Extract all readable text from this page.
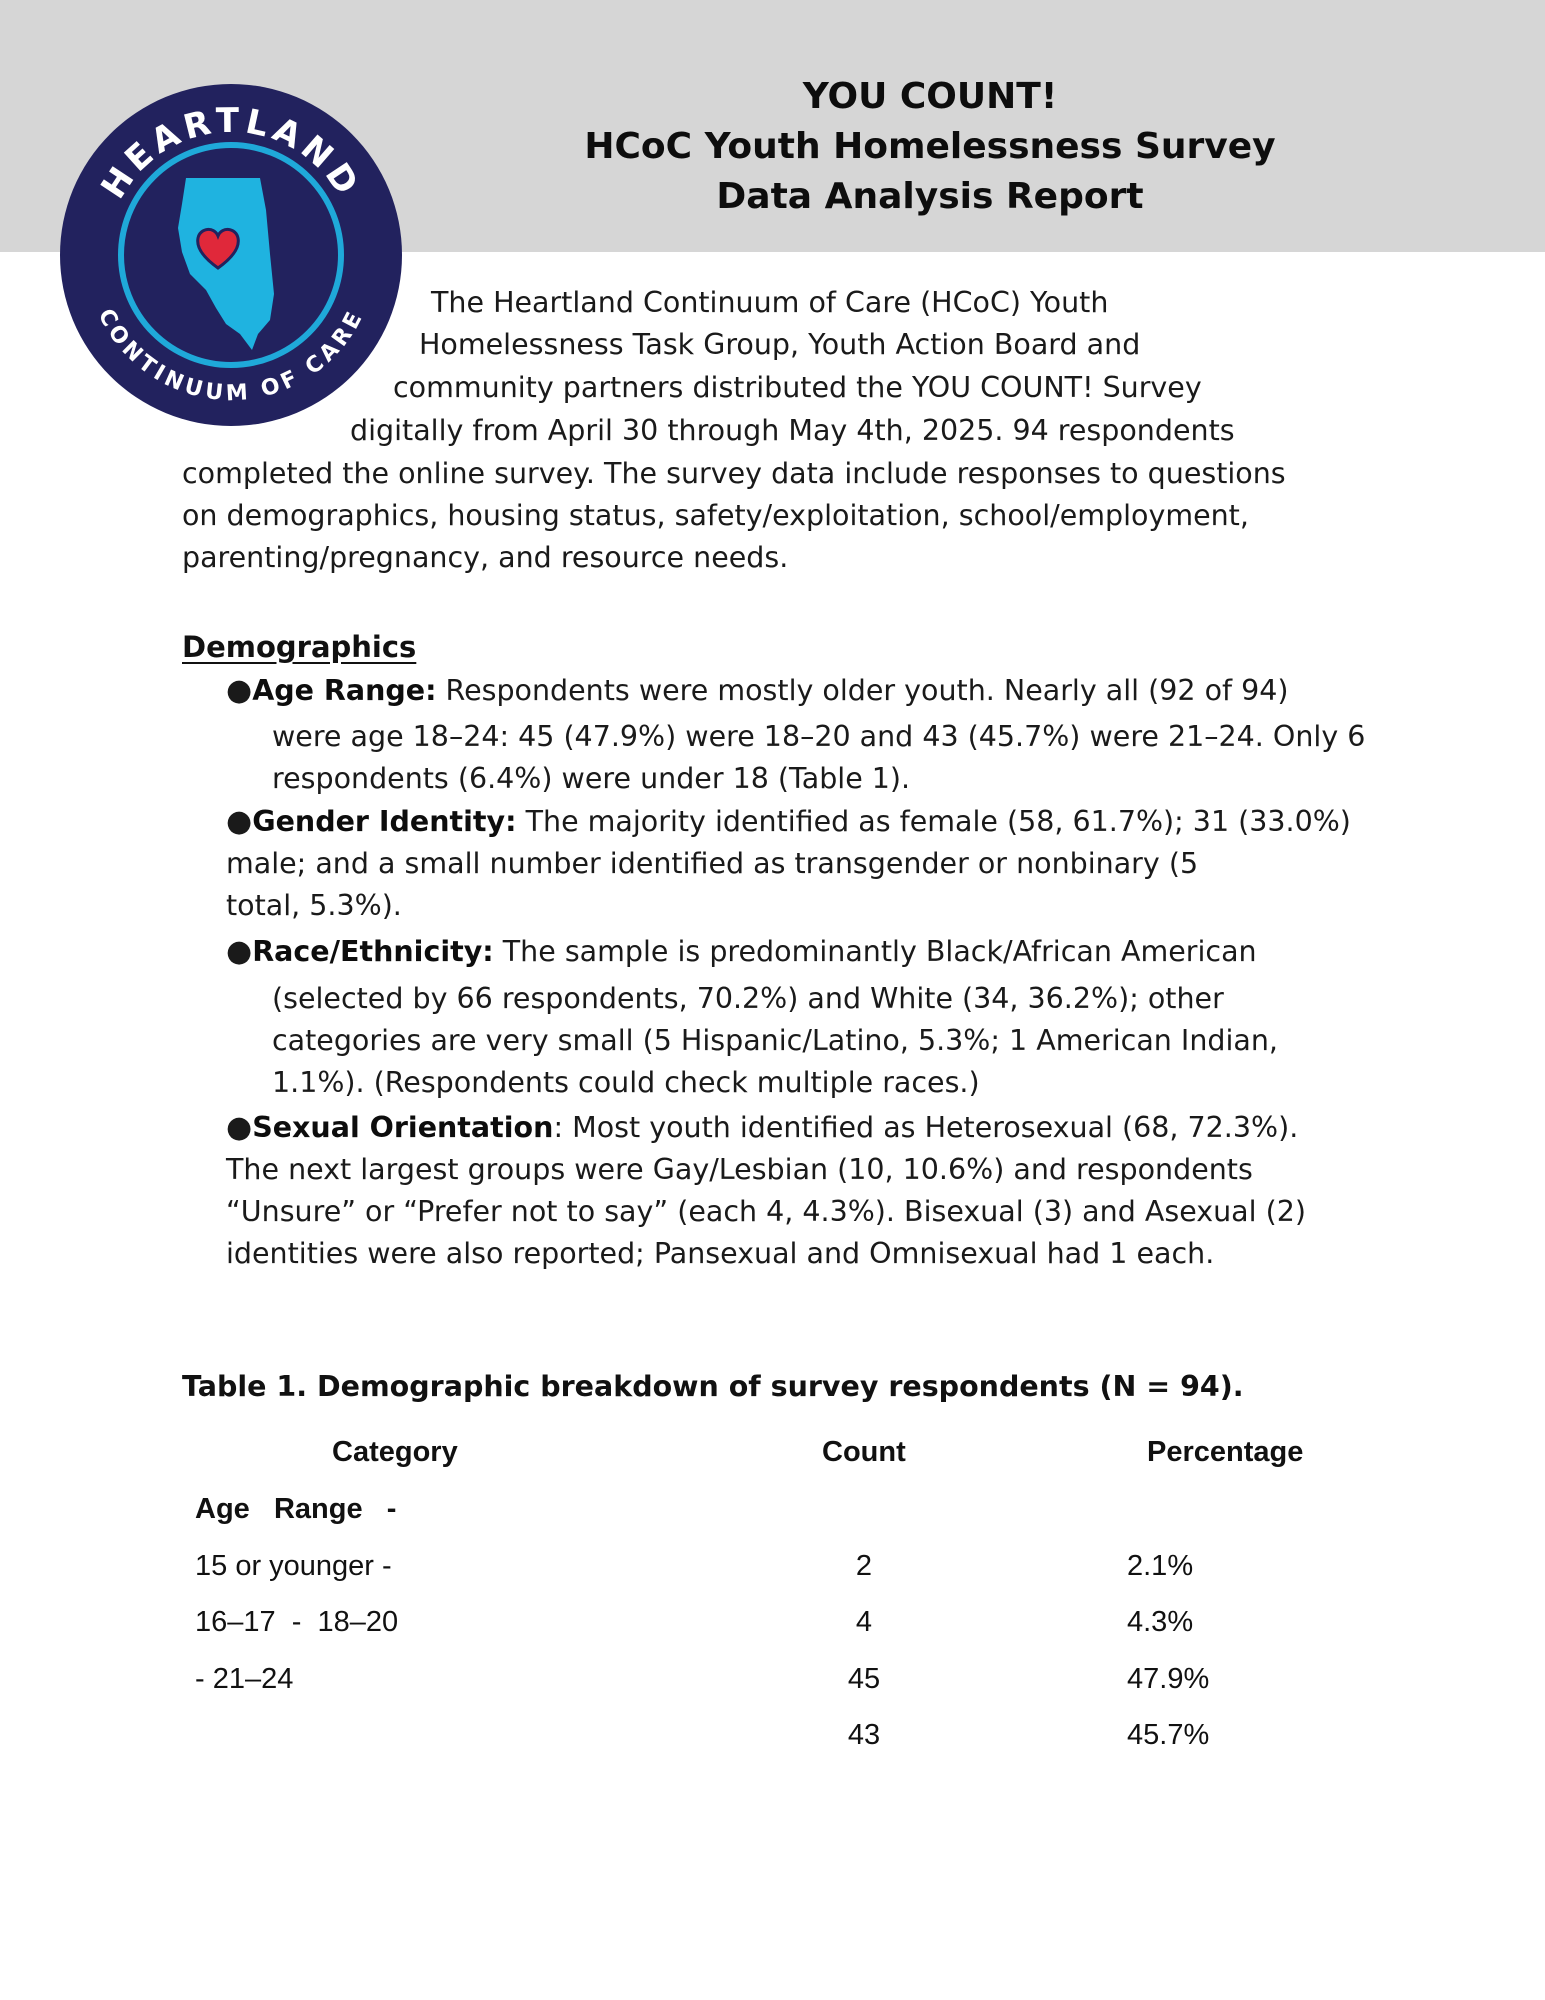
YOU COUNT!
HCoC Youth Homelessness Survey
Data Analysis Report
HEARTLAND
CONTINUUM OF CARE
The Heartland Continuum of Care (HCoC) Youth
Homelessness Task Group, Youth Action Board and
community partners distributed the YOU COUNT! Survey
digitally from April 30 through May 4th, 2025. 94 respondents
completed the online survey. The survey data include responses to questions
on demographics, housing status, safety/exploitation, school/employment,
parenting/pregnancy, and resource needs.
Demographics
●Age Range: Respondents were mostly older youth. Nearly all (92 of 94)
were age 18–24: 45 (47.9%) were 18–20 and 43 (45.7%) were 21–24. Only 6
respondents (6.4%) were under 18 (Table 1).
●Gender Identity: The majority identified as female (58, 61.7%); 31 (33.0%)
male; and a small number identified as transgender or nonbinary (5
total, 5.3%).
●Race/Ethnicity: The sample is predominantly Black/African American
(selected by 66 respondents, 70.2%) and White (34, 36.2%); other
categories are very small (5 Hispanic/Latino, 5.3%; 1 American Indian,
1.1%). (Respondents could check multiple races.)
●Sexual Orientation: Most youth identified as Heterosexual (68, 72.3%).
The next largest groups were Gay/Lesbian (10, 10.6%) and respondents
“Unsure” or “Prefer not to say” (each 4, 4.3%). Bisexual (3) and Asexual (2)
identities were also reported; Pansexual and Omnisexual had 1 each.
Table 1. Demographic breakdown of survey respondents (N = 94).
Category	Count	Percentage
Age   Range   -
15 or younger -
16–17  -  18–20
- 21–24
2
4
45
43
2.1%
4.3%
47.9%
45.7%
